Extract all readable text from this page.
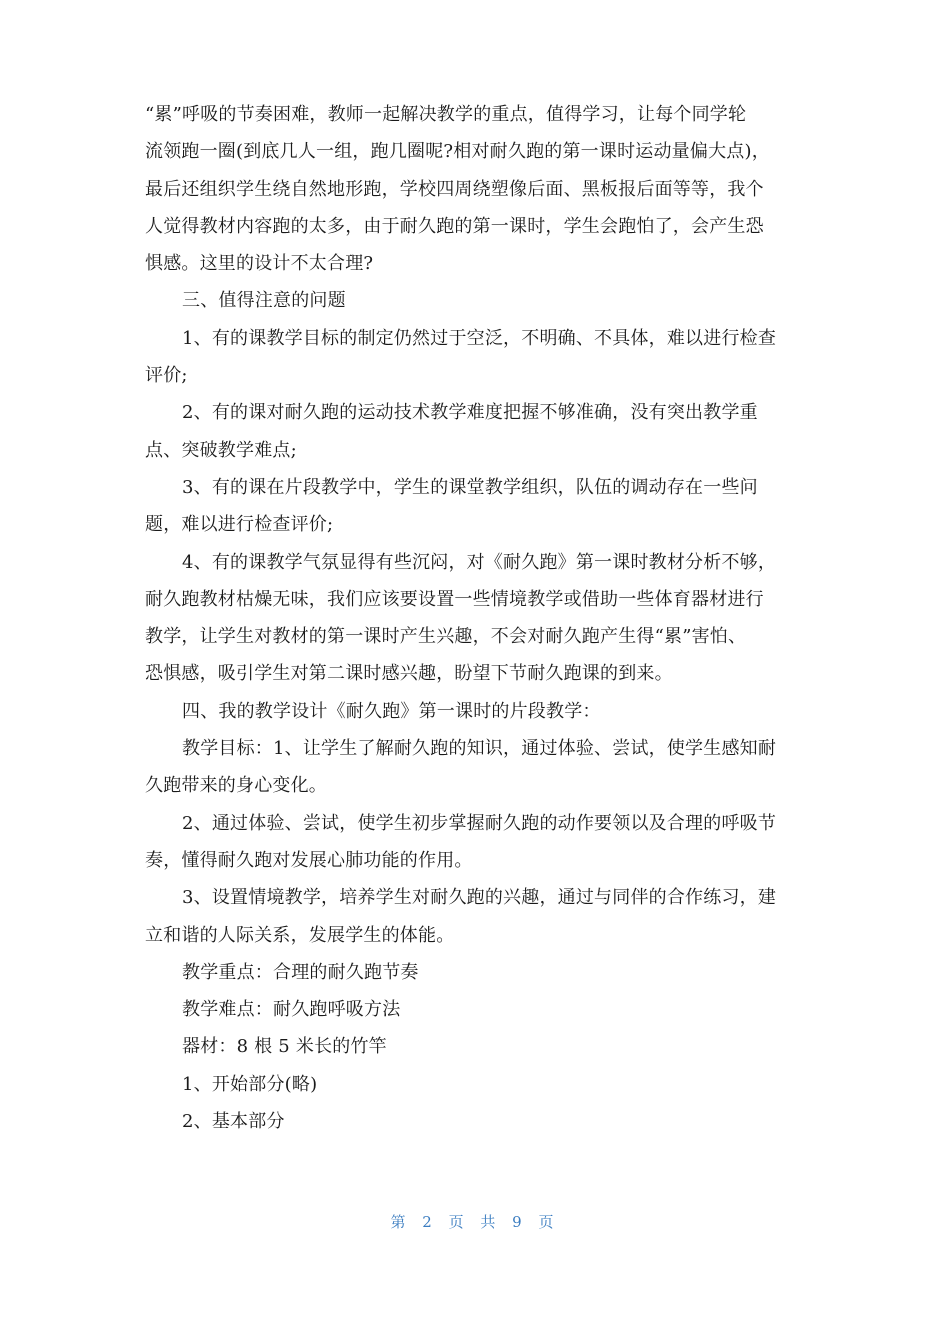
“累”呼吸的节奏困难，教师一起解决教学的重点，值得学习，让每个同学轮
流领跑一圈(到底几人一组，跑几圈呢?相对耐久跑的第一课时运动量偏大点)，
最后还组织学生绕自然地形跑，学校四周绕塑像后面、黑板报后面等等，我个
人觉得教材内容跑的太多，由于耐久跑的第一课时，学生会跑怕了，会产生恐
惧感。这里的设计不太合理?
三、值得注意的问题
1、有的课教学目标的制定仍然过于空泛，不明确、不具体，难以进行检查
评价;
2、有的课对耐久跑的运动技术教学难度把握不够准确，没有突出教学重
点、突破教学难点;
3、有的课在片段教学中，学生的课堂教学组织，队伍的调动存在一些问
题，难以进行检查评价;
4、有的课教学气氛显得有些沉闷，对《耐久跑》第一课时教材分析不够，
耐久跑教材枯燥无味，我们应该要设置一些情境教学或借助一些体育器材进行
教学，让学生对教材的第一课时产生兴趣，不会对耐久跑产生得“累”害怕、
恐惧感，吸引学生对第二课时感兴趣，盼望下节耐久跑课的到来。
四、我的教学设计《耐久跑》第一课时的片段教学：
教学目标：1、让学生了解耐久跑的知识，通过体验、尝试，使学生感知耐
久跑带来的身心变化。
2、通过体验、尝试，使学生初步掌握耐久跑的动作要领以及合理的呼吸节
奏，懂得耐久跑对发展心肺功能的作用。
3、设置情境教学，培养学生对耐久跑的兴趣，通过与同伴的合作练习，建
立和谐的人际关系，发展学生的体能。
教学重点：合理的耐久跑节奏
教学难点：耐久跑呼吸方法
器材：8 根 5 米长的竹竿
1、开始部分(略)
2、基本部分
第 2 页 共 9 页
